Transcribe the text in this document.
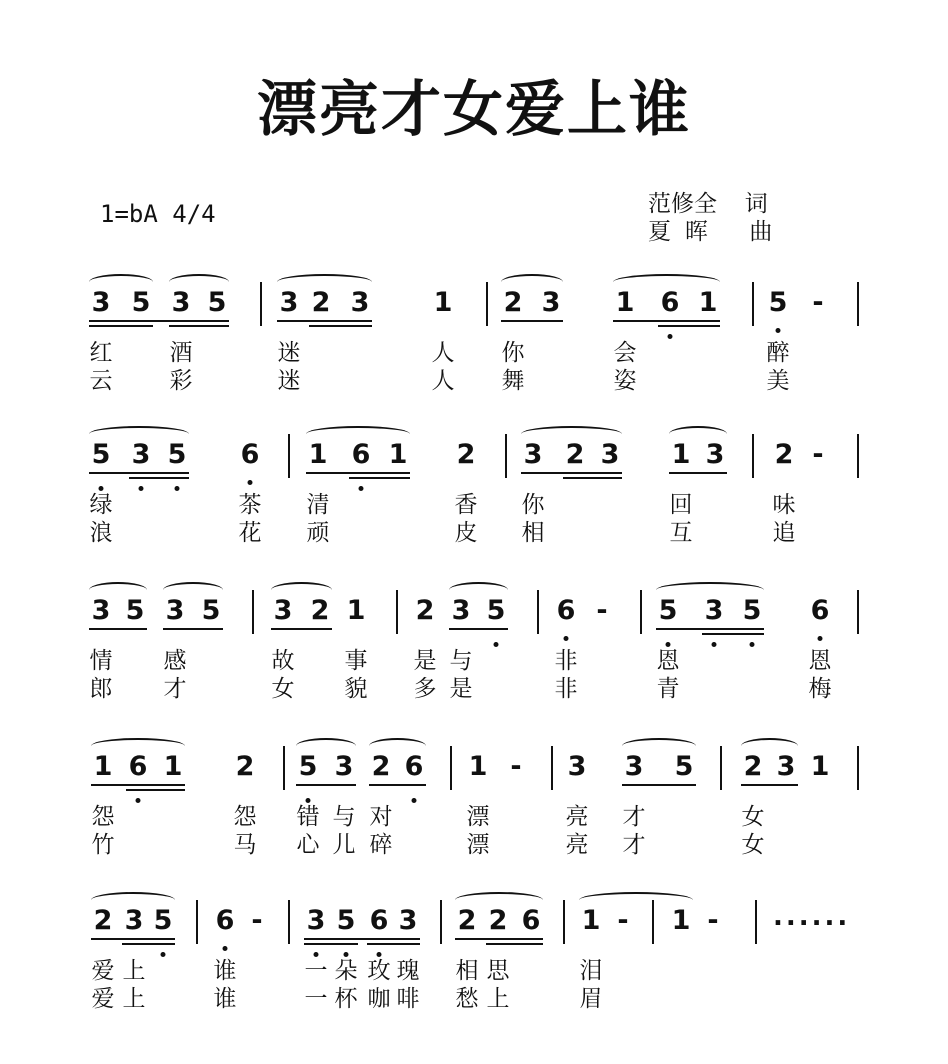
漂亮才女爱上谁
1=bA 4/4	范修全  词
夏 晖   曲
3 5 3 5 3 2 3 1 2 3 1 6 1 5 -
红 酒	迷	人 你	会	醉
云 彩	迷	人 舞	姿	美
5 3 5 6 1 6 1 2 3 2 3 1 3 2 -
绿	茶 清	香 你	回	味
浪	花 顽	皮 相	互	追
3 5 3 5 3 2 1 2 3 5 6 - 5 3 5 6
情 感	故 事 是 与	非	恩	恩
郎 才	女 貌 多 是	非	青	梅
1 6 1 2 5 3 2 6 1 - 3 3 5 2 3 1
怨	怨 错 与 对	漂	亮 才	女
竹	马 心 儿 碎	漂	亮 才	女
2 3 5 6 - 3 5 6 3 2 2 6 1 - 1 -
爱 上	谁	一 朵 玫 瑰 相 思	泪
爱 上	谁	一 杯 咖 啡 愁 上	眉
......
